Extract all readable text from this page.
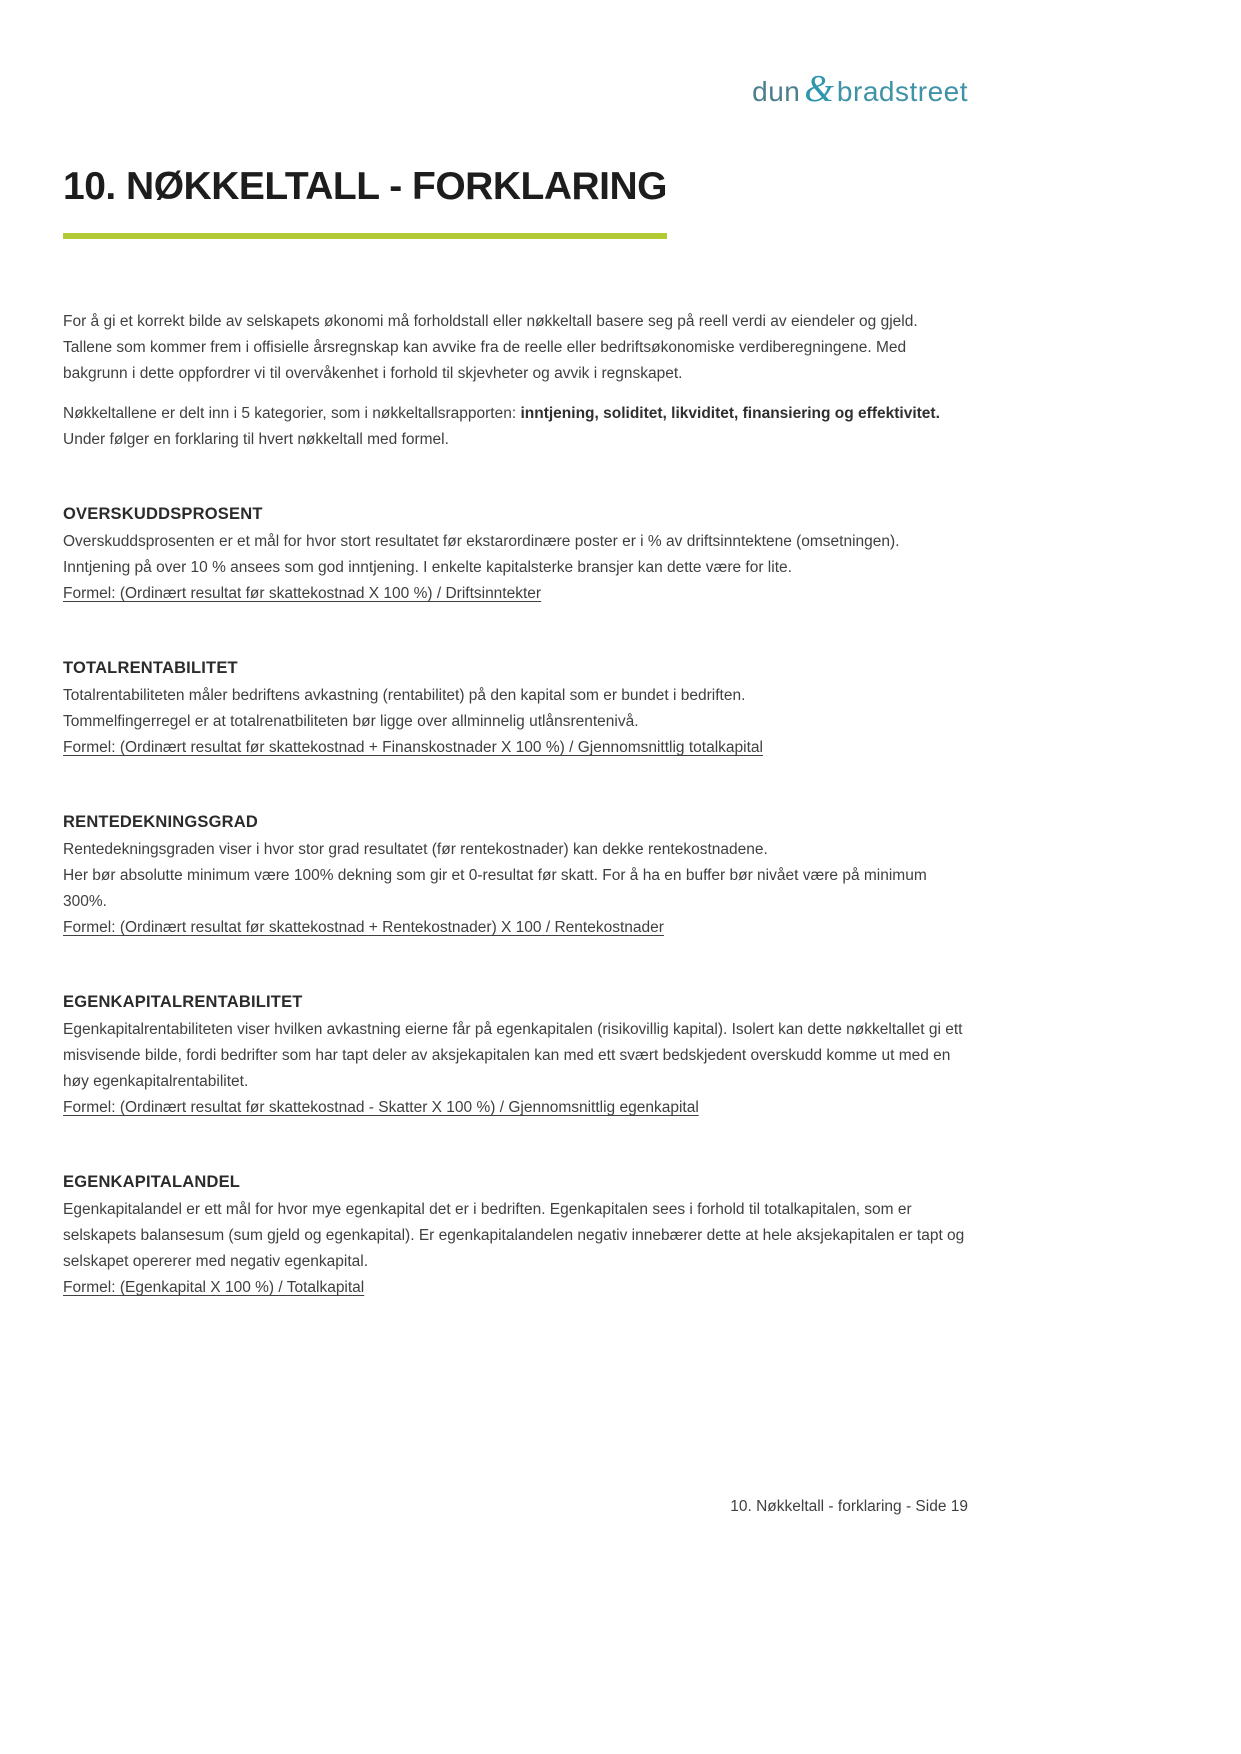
dun & bradstreet
10. NØKKELTALL - FORKLARING
For å gi et korrekt bilde av selskapets økonomi må forholdstall eller nøkkeltall basere seg på reell verdi av eiendeler og gjeld. Tallene som kommer frem i offisielle årsregnskap kan avvike fra de reelle eller bedriftsøkonomiske verdiberegningene. Med bakgrunn i dette oppfordrer vi til overvåkenhet i forhold til skjevheter og avvik i regnskapet.
Nøkkeltallene er delt inn i 5 kategorier, som i nøkkeltallsrapporten: inntjening, soliditet, likviditet, finansiering og effektivitet. Under følger en forklaring til hvert nøkkeltall med formel.
OVERSKUDDSPROSENT
Overskuddsprosenten er et mål for hvor stort resultatet før ekstarordinære poster er i % av driftsinntektene (omsetningen). Inntjening på over 10 % ansees som god inntjening. I enkelte kapitalsterke bransjer kan dette være for lite.
Formel: (Ordinært resultat før skattekostnad X 100 %) / Driftsinntekter
TOTALRENTABILITET
Totalrentabiliteten måler bedriftens avkastning (rentabilitet) på den kapital som er bundet i bedriften.
Tommelfingerregel er at totalrenatbiliteten bør ligge over allminnelig utlånsrentenivå.
Formel: (Ordinært resultat før skattekostnad + Finanskostnader X 100 %) / Gjennomsnittlig totalkapital
RENTEDEKNINGSGRAD
Rentedekningsgraden viser i hvor stor grad resultatet (før rentekostnader) kan dekke rentekostnadene.
Her bør absolutte minimum være 100% dekning som gir et 0-resultat før skatt. For å ha en buffer bør nivået være på minimum 300%.
Formel: (Ordinært resultat før skattekostnad + Rentekostnader) X 100 / Rentekostnader
EGENKAPITALRENTABILITET
Egenkapitalrentabiliteten viser hvilken avkastning eierne får på egenkapitalen (risikovillig kapital). Isolert kan dette nøkkeltallet gi ett misvisende bilde, fordi bedrifter som har tapt deler av aksjekapitalen kan med ett svært bedskjedent overskudd komme ut med en høy egenkapitalrentabilitet.
Formel: (Ordinært resultat før skattekostnad - Skatter X 100 %) / Gjennomsnittlig egenkapital
EGENKAPITALANDEL
Egenkapitalandel er ett mål for hvor mye egenkapital det er i bedriften. Egenkapitalen sees i forhold til totalkapitalen, som er selskapets balansesum (sum gjeld og egenkapital). Er egenkapitalandelen negativ innebærer dette at hele aksjekapitalen er tapt og selskapet opererer med negativ egenkapital.
Formel: (Egenkapital X 100 %) / Totalkapital
10. Nøkkeltall - forklaring - Side 19
